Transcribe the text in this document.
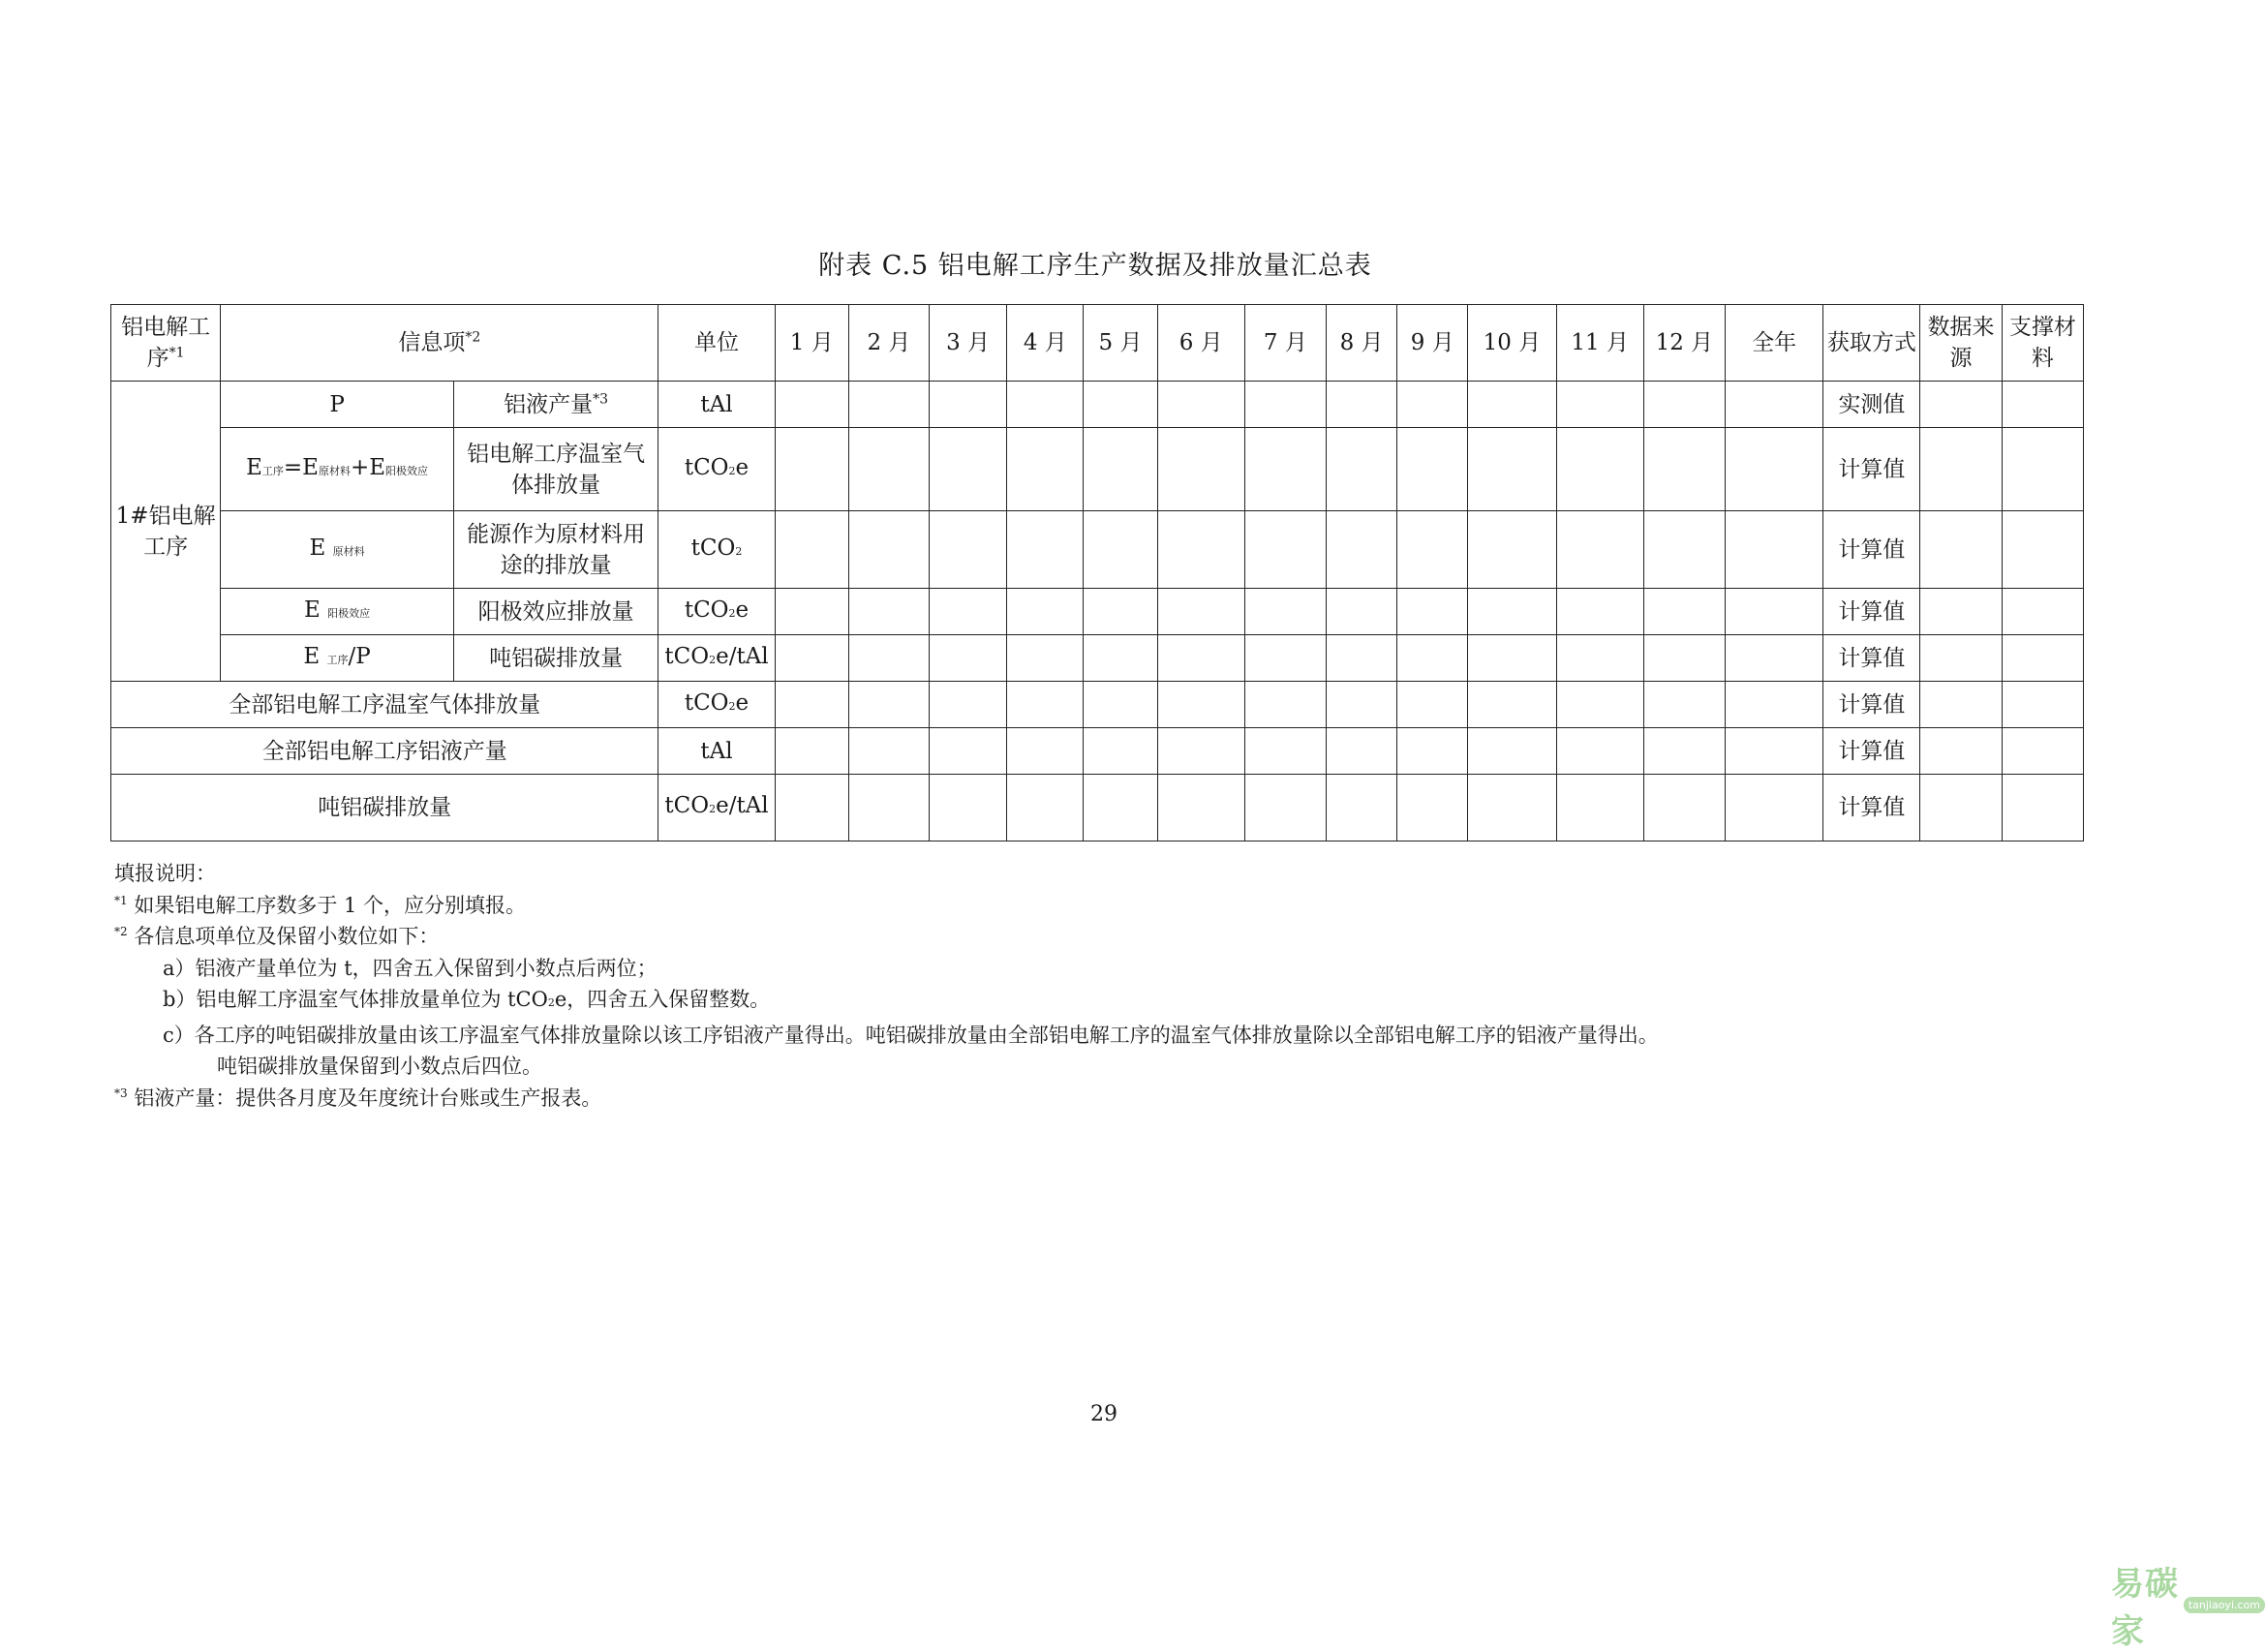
附表 C.5 铝电解工序生产数据及排放量汇总表
铝电解工序$^{*1}$	信息项$^{*2}$		单位	1 月	2 月	3 月	4 月	5 月	6 月	7 月	8 月	9 月	10 月	11 月	12 月	全年	获取方式	数据来源	支撑材料
1#铝电解工序	P	铝液产量$^{*3}$	tAl														实测值		
	E工序=E原材料+E阳极效应	铝电解工序温室气体排放量	tCO2e														计算值		
	E 原材料	能源作为原材料用途的排放量	tCO2														计算值		
	E 阳极效应	阳极效应排放量	tCO2e														计算值		
	E 工序/P	吨铝碳排放量	tCO2e/tAl														计算值		
全部铝电解工序温室气体排放量			tCO2e														计算值		
全部铝电解工序铝液产量			tAl														计算值		
吨铝碳排放量			tCO2e/tAl														计算值		
填报说明：
$^{*1}$ 如果铝电解工序数多于 1 个，应分别填报。
$^{*2}$ 各信息项单位及保留小数位如下：
a）铝液产量单位为 t，四舍五入保留到小数点后两位；
b）铝电解工序温室气体排放量单位为 tCO2e，四舍五入保留整数。
c）各工序的吨铝碳排放量由该工序温室气体排放量除以该工序铝液产量得出。吨铝碳排放量由全部铝电解工序的温室气体排放量除以全部铝电解工序的铝液产量得出。
吨铝碳排放量保留到小数点后四位。
$^{*3}$ 铝液产量：提供各月度及年度统计台账或生产报表。
29
易碳家
tanjiaoyi.com
